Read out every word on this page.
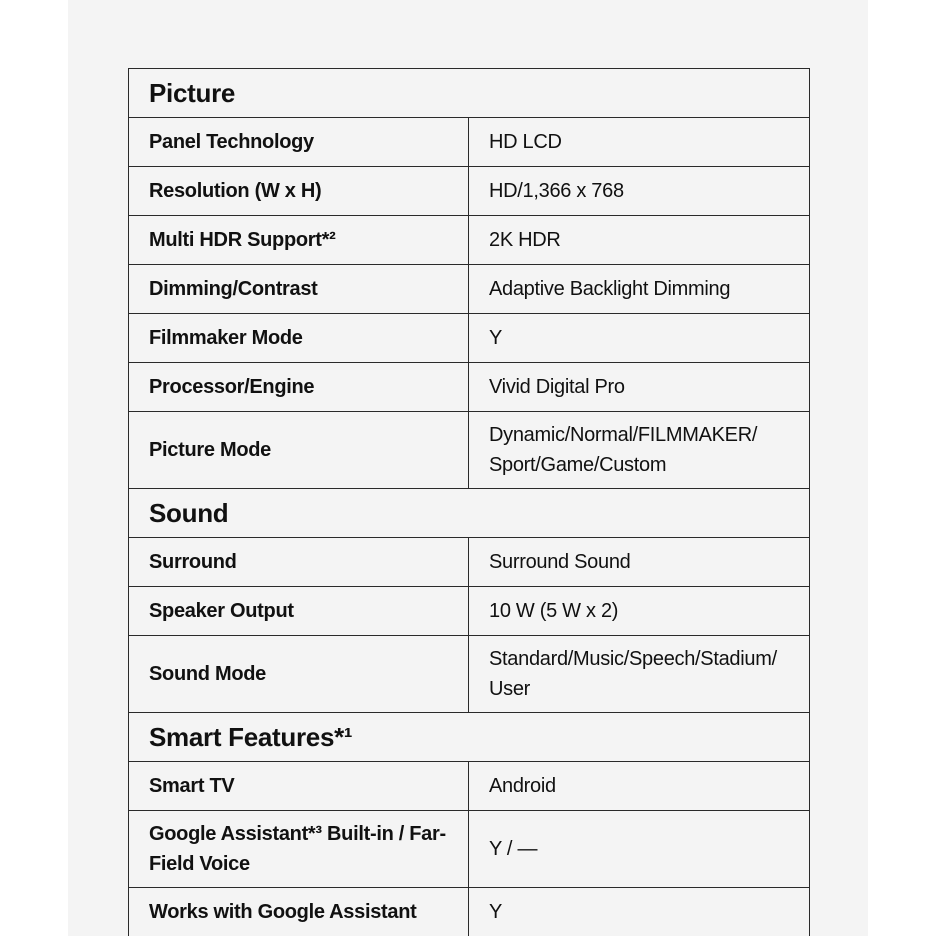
Picture	
Panel Technology	HD LCD
Resolution (W x H)	HD/1,366 x 768
Multi HDR Support*²	2K HDR
Dimming/Contrast	Adaptive Backlight Dimming
Filmmaker Mode	Y
Processor/Engine	Vivid Digital Pro
Picture Mode	Dynamic/Normal/FILMMAKER/ Sport/Game/Custom
Sound	
Surround	Surround Sound
Speaker Output	10 W (5 W x 2)
Sound Mode	Standard/Music/Speech/Stadium/ User
Smart Features*¹	
Smart TV	Android
Google Assistant*³ Built-in / Far-Field Voice	Y / —
Works with Google Assistant	Y
